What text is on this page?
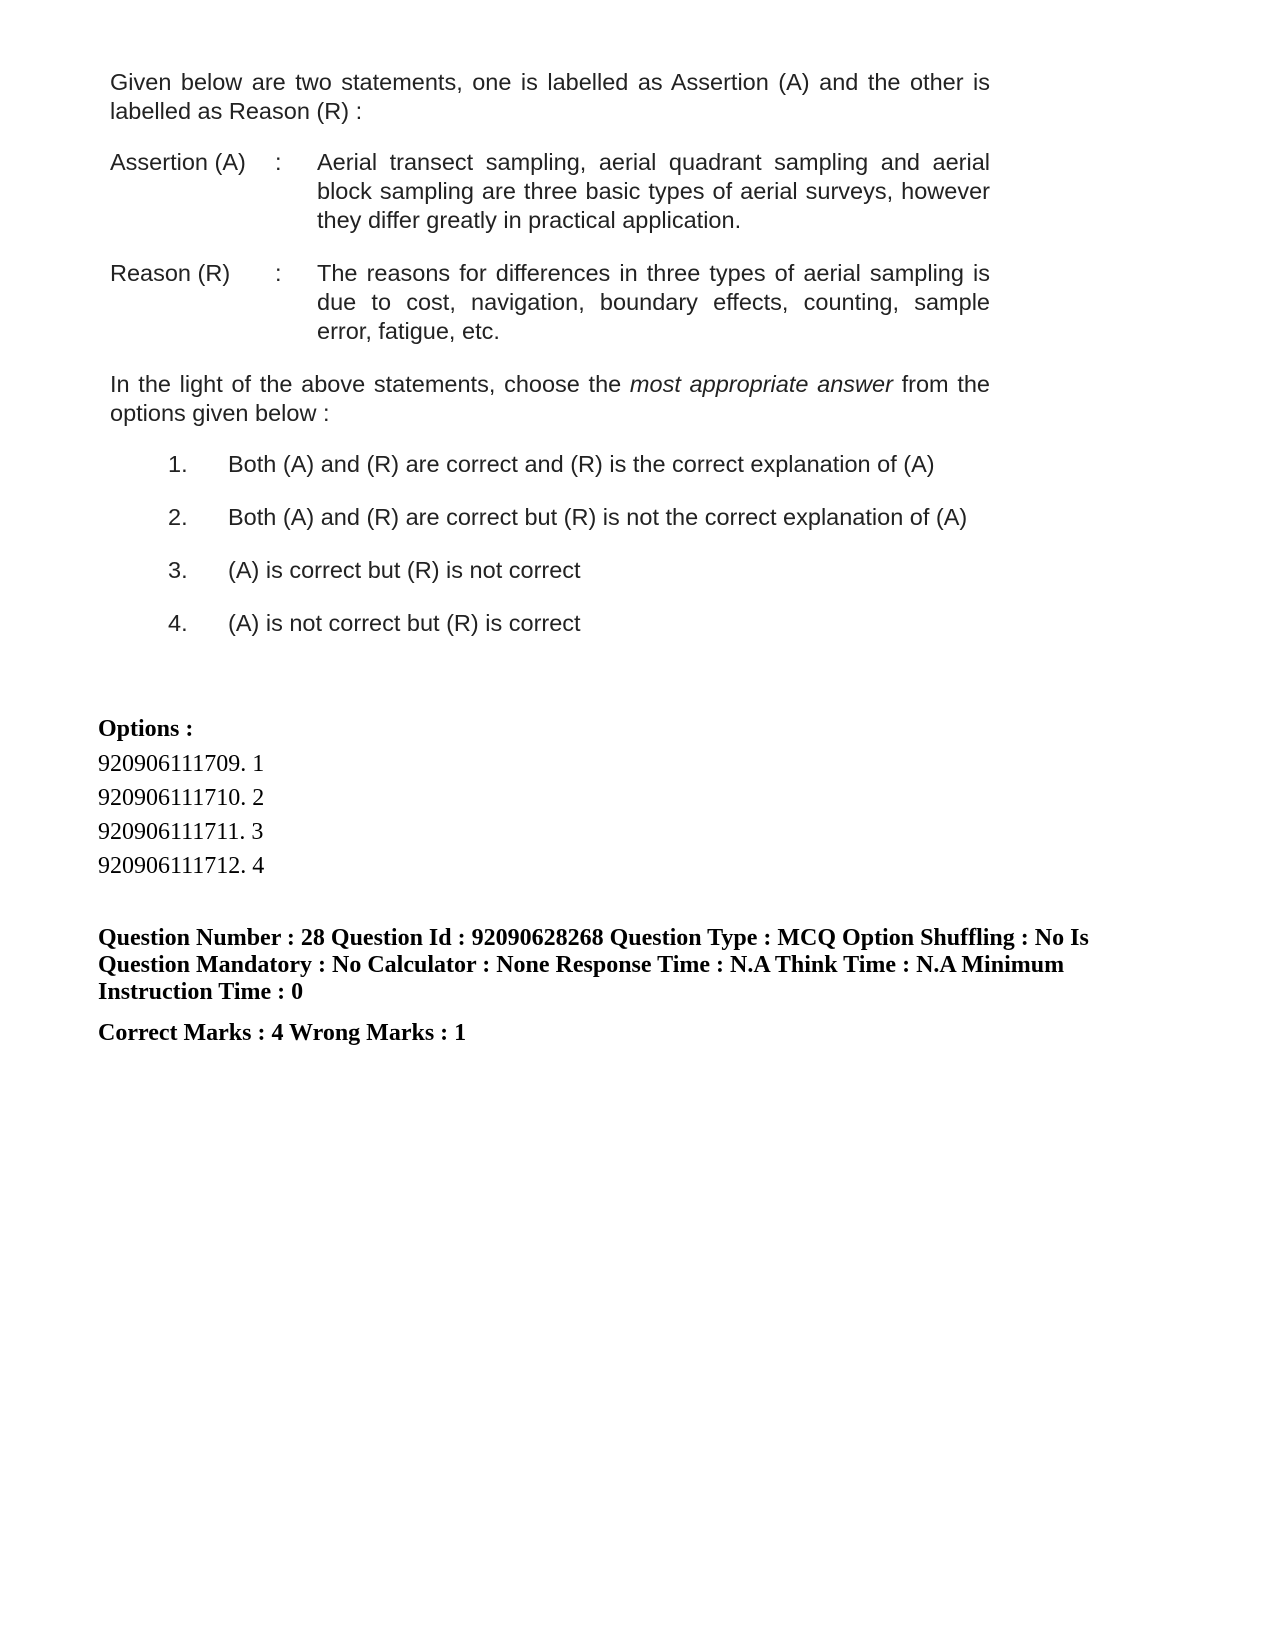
Given below are two statements, one is labelled as Assertion (A) and the other is labelled as Reason (R) :

Assertion (A)	:	Aerial transect sampling, aerial quadrant sampling and aerial block sampling are three basic types of aerial surveys, however they differ greatly in practical application.
Reason (R)	:	The reasons for differences in three types of aerial sampling is due to cost, navigation, boundary effects, counting, sample error, fatigue, etc.

In the light of the above statements, choose the most appropriate answer from the options given below :

1.	Both (A) and (R) are correct and (R) is the correct explanation of (A)
2.	Both (A) and (R) are correct but (R) is not the correct explanation of (A)
3.	(A) is correct but (R) is not correct
4.	(A) is not correct but (R) is correct
Options :
920906111709. 1
920906111710. 2
920906111711. 3
920906111712. 4
Question Number : 28 Question Id : 92090628268 Question Type : MCQ Option Shuffling : No Is Question Mandatory : No Calculator : None Response Time : N.A Think Time : N.A Minimum Instruction Time : 0
Correct Marks : 4 Wrong Marks : 1
